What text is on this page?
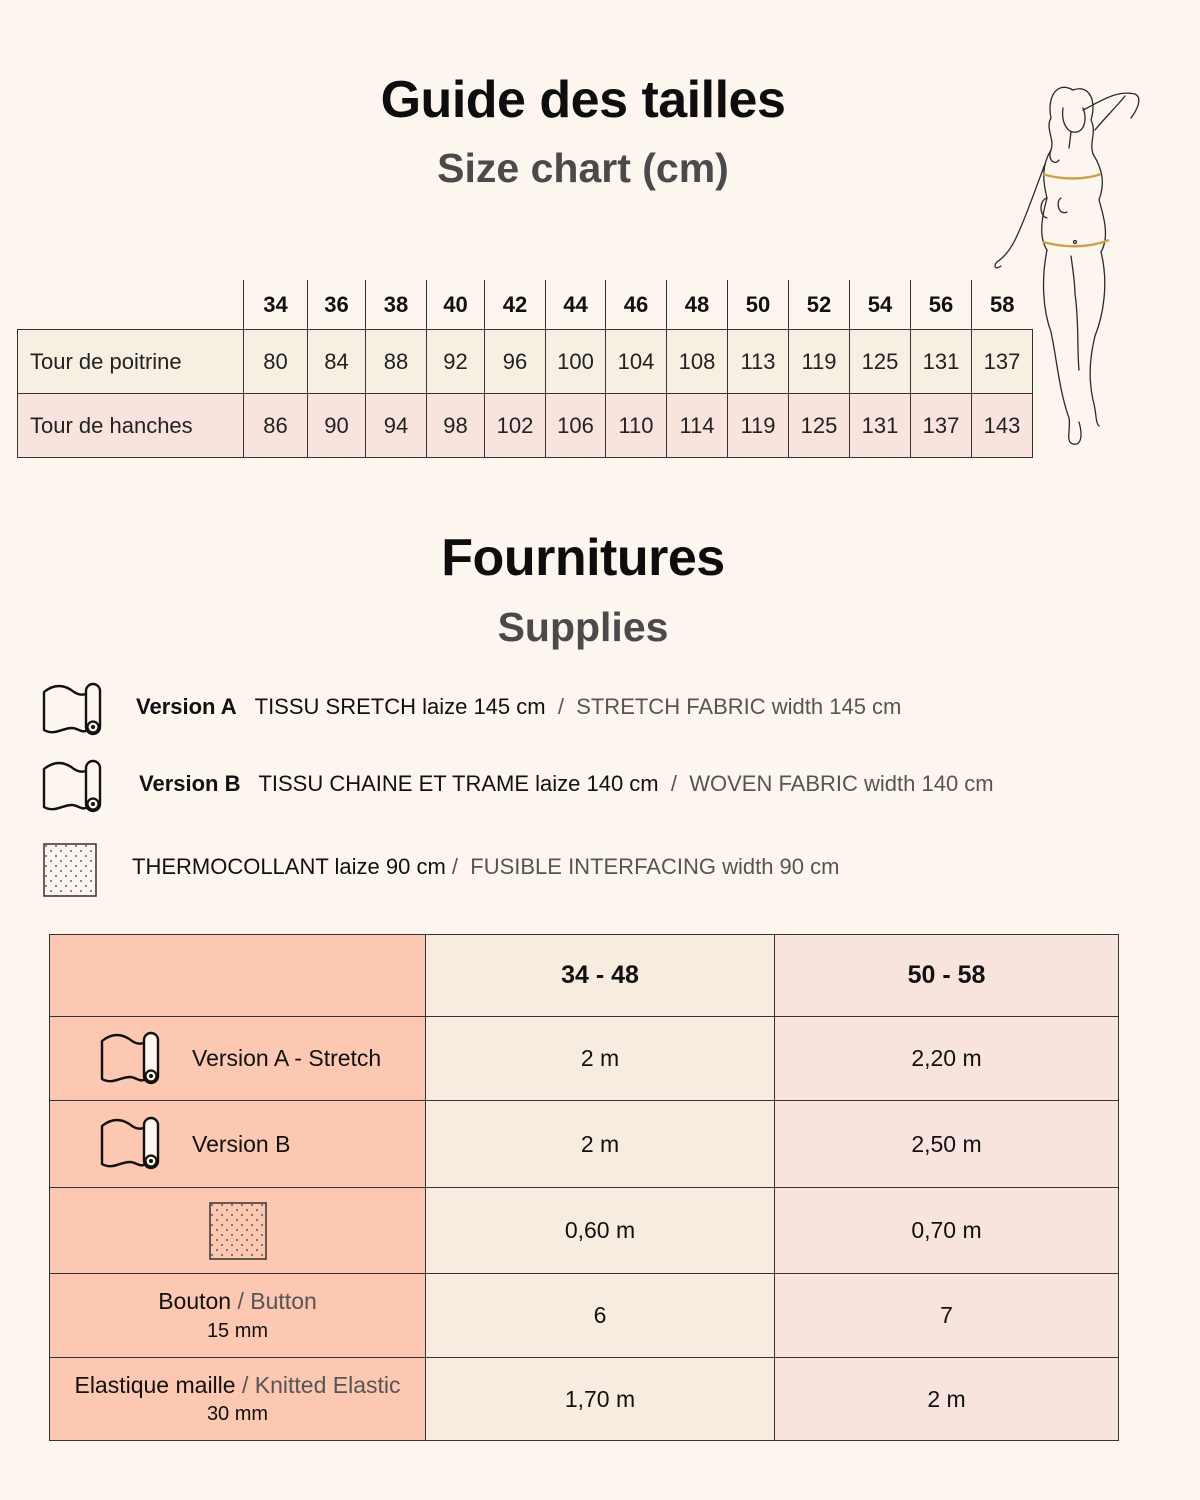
Guide des tailles
Size chart (cm)
	34	36	38	40	42	44	46	48	50	52	54	56	58
Tour de poitrine	80	84	88	92	96	100	104	108	113	119	125	131	137
Tour de hanches	86	90	94	98	102	106	110	114	119	125	131	137	143
Fournitures
Supplies
Version A TISSU SRETCH laize 145 cm / STRETCH FABRIC width 145 cm
Version B TISSU CHAINE ET TRAME laize 140 cm / WOVEN FABRIC width 140 cm
THERMOCOLLANT laize 90 cm / FUSIBLE INTERFACING width 90 cm
	34 - 48	50 - 58

Version A - Stretch	2 m	2,20 m

Version B	2 m	2,50 m

	0,60 m	0,70 m
Bouton / Button
15 mm	6	7
Elastique maille / Knitted Elastic
30 mm	1,70 m	2 m
